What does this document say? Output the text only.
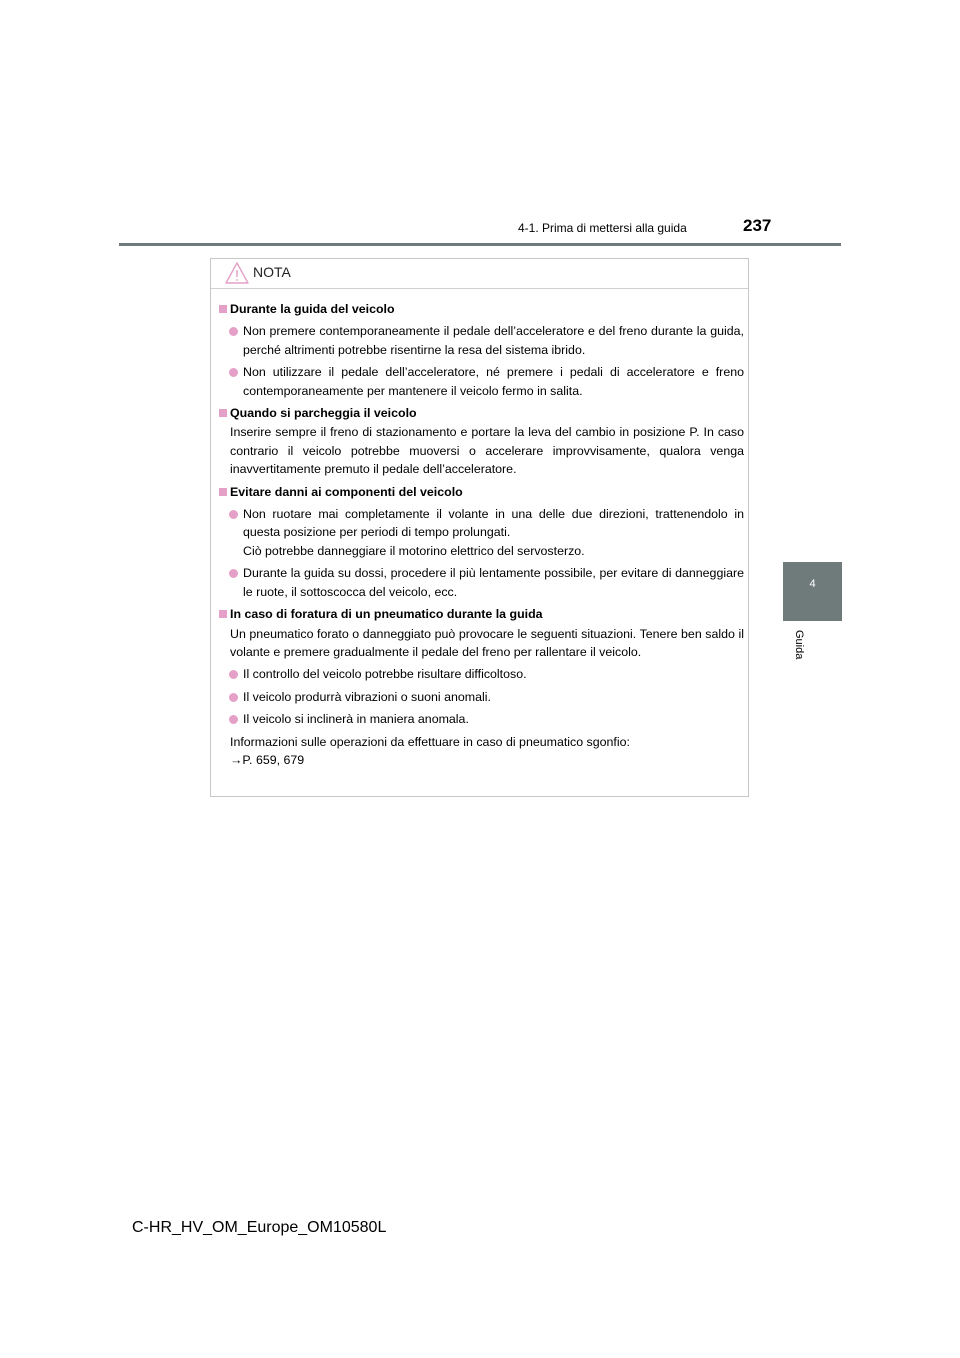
4-1. Prima di mettersi alla guida	237
4
Guida
NOTA
Durante la guida del veicolo
Non premere contemporaneamente il pedale dell’acceleratore e del freno durante la guida, perché altrimenti potrebbe risentirne la resa del sistema ibrido.
Non utilizzare il pedale dell’acceleratore, né premere i pedali di acceleratore e freno contemporaneamente per mantenere il veicolo fermo in salita.
Quando si parcheggia il veicolo
Inserire sempre il freno di stazionamento e portare la leva del cambio in posizione P. In caso contrario il veicolo potrebbe muoversi o accelerare improvvisamente, qualora venga inavvertitamente premuto il pedale dell’acceleratore.
Evitare danni ai componenti del veicolo
Non ruotare mai completamente il volante in una delle due direzioni, trattenendolo in questa posizione per periodi di tempo prolungati.
Ciò potrebbe danneggiare il motorino elettrico del servosterzo.
Durante la guida su dossi, procedere il più lentamente possibile, per evitare di danneggiare le ruote, il sottoscocca del veicolo, ecc.
In caso di foratura di un pneumatico durante la guida
Un pneumatico forato o danneggiato può provocare le seguenti situazioni. Tenere ben saldo il volante e premere gradualmente il pedale del freno per rallentare il veicolo.
Il controllo del veicolo potrebbe risultare difficoltoso.
Il veicolo produrrà vibrazioni o suoni anomali.
Il veicolo si inclinerà in maniera anomala.
Informazioni sulle operazioni da effettuare in caso di pneumatico sgonfio:
→P. 659, 679
C-HR_HV_OM_Europe_OM10580L
